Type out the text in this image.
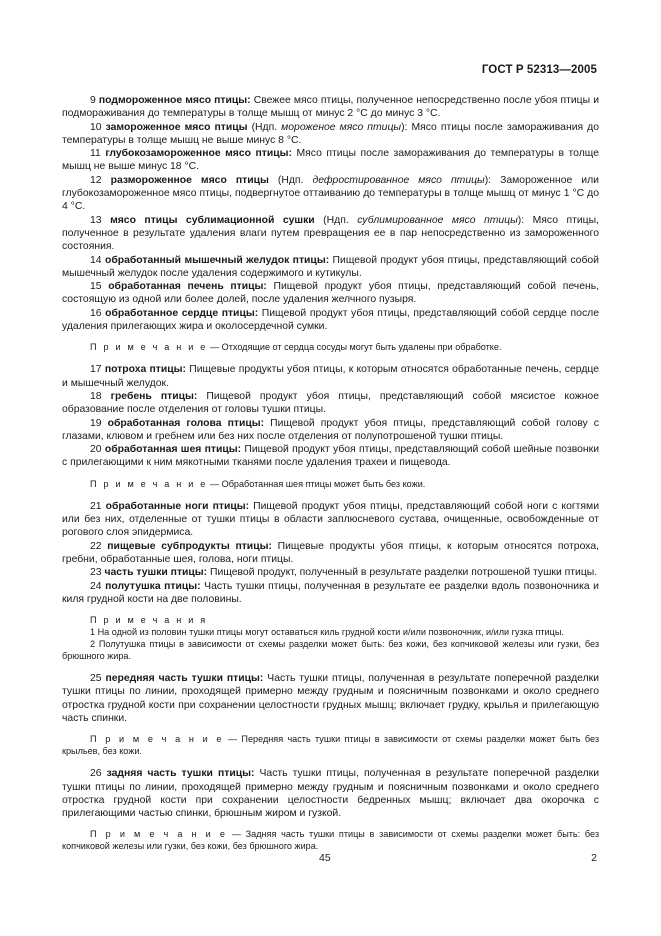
ГОСТ Р 52313—2005

9 подмороженное мясо птицы: Свежее мясо птицы, полученное непосредственно после убоя птицы и подмораживания до температуры в толще мышц от минус 2 °С до минус 3 °С.

10 замороженное мясо птицы (Ндп. мороженое мясо птицы): Мясо птицы после замораживания до температуры в толще мышц не выше минус 8 °С.

11 глубокозамороженное мясо птицы: Мясо птицы после замораживания до температуры в толще мышц не выше минус 18 °С.

12 размороженное мясо птицы (Ндп. дефростированное мясо птицы): Замороженное или глубокозамороженное мясо птицы, подвергнутое оттаиванию до температуры в толще мышц от минус 1 °С до 4 °С.

13 мясо птицы сублимационной сушки (Ндп. сублимированное мясо птицы): Мясо птицы, полученное в результате удаления влаги путем превращения ее в пар непосредственно из замороженного состояния.

14 обработанный мышечный желудок птицы: Пищевой продукт убоя птицы, представляющий собой мышечный желудок после удаления содержимого и кутикулы.

15 обработанная печень птицы: Пищевой продукт убоя птицы, представляющий собой печень, состоящую из одной или более долей, после удаления желчного пузыря.

16 обработанное сердце птицы: Пищевой продукт убоя птицы, представляющий собой сердце после удаления прилегающих жира и околосердечной сумки.

П р и м е ч а н и е — Отходящие от сердца сосуды могут быть удалены при обработке.

17 потроха птицы: Пищевые продукты убоя птицы, к которым относятся обработанные печень, сердце и мышечный желудок.

18 гребень птицы: Пищевой продукт убоя птицы, представляющий собой мясистое кожное образование после отделения от головы тушки птицы.

19 обработанная голова птицы: Пищевой продукт убоя птицы, представляющий собой голову с глазами, клювом и гребнем или без них после отделения от полупотрошеной тушки птицы.

20 обработанная шея птицы: Пищевой продукт убоя птицы, представляющий собой шейные позвонки с прилегающими к ним мякотными тканями после удаления трахеи и пищевода.

П р и м е ч а н и е — Обработанная шея птицы может быть без кожи.

21 обработанные ноги птицы: Пищевой продукт убоя птицы, представляющий собой ноги с когтями или без них, отделенные от тушки птицы в области заплюсневого сустава, очищенные, освобожденные от рогового слоя эпидермиса.

22 пищевые субпродукты птицы: Пищевые продукты убоя птицы, к которым относятся потроха, гребни, обработанные шея, голова, ноги птицы.

23 часть тушки птицы: Пищевой продукт, полученный в результате разделки потрошеной тушки птицы.

24 полутушка птицы: Часть тушки птицы, полученная в результате ее разделки вдоль позвоночника и киля грудной кости на две половины.

П р и м е ч а н и я
1 На одной из половин тушки птицы могут оставаться киль грудной кости и/или позвоночник, и/или гузка птицы.
2 Полутушка птицы в зависимости от схемы разделки может быть: без кожи, без копчиковой железы или гузки, без брюшного жира.

25 передняя часть тушки птицы: Часть тушки птицы, полученная в результате поперечной разделки тушки птицы по линии, проходящей примерно между грудным и поясничным позвонками и около среднего отростка грудной кости при сохранении целостности грудных мышц; включает грудку, крылья и прилегающую часть спинки.

П р и м е ч а н и е — Передняя часть тушки птицы в зависимости от схемы разделки может быть без крыльев, без кожи.

26 задняя часть тушки птицы: Часть тушки птицы, полученная в результате поперечной разделки тушки птицы по линии, проходящей примерно между грудным и поясничным позвонками и около среднего отростка грудной кости при сохранении целостности бедренных мышц; включает два окорочка с прилегающими частью спинки, брюшным жиром и гузкой.

П р и м е ч а н и е — Задняя часть тушки птицы в зависимости от схемы разделки может быть: без копчиковой железы или гузки, без кожи, без брюшного жира.

45	2
